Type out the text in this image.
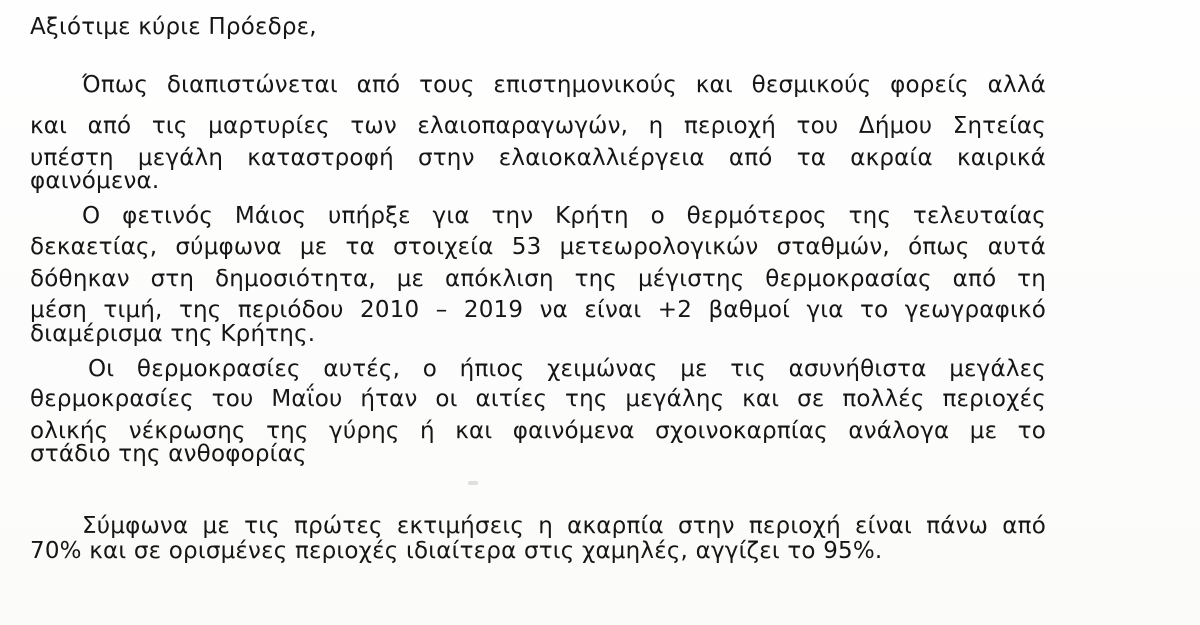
Αξιότιμε κύριε Πρόεδρε,
Όπως διαπιστώνεται από τους επιστημονικούς και θεσμικούς φορείς αλλά
και από τις μαρτυρίες των ελαιοπαραγωγών, η περιοχή του Δήμου Σητείας
υπέστη μεγάλη καταστροφή στην ελαιοκαλλιέργεια από τα ακραία καιρικά
φαινόμενα.
Ο φετινός Μάιος υπήρξε για την Κρήτη ο θερμότερος της τελευταίας
δεκαετίας, σύμφωνα με τα στοιχεία 53 μετεωρολογικών σταθμών, όπως αυτά
δόθηκαν στη δημοσιότητα, με απόκλιση της μέγιστης θερμοκρασίας από τη
μέση τιμή, της περιόδου 2010 – 2019 να είναι +2 βαθμοί για το γεωγραφικό
διαμέρισμα της Κρήτης.
Οι θερμοκρασίες αυτές, ο ήπιος χειμώνας με τις ασυνήθιστα μεγάλες
θερμοκρασίες του Μαΐου ήταν οι αιτίες της μεγάλης και σε πολλές περιοχές
ολικής νέκρωσης της γύρης ή και φαινόμενα σχοινοκαρπίας ανάλογα με το
στάδιο της ανθοφορίας
Σύμφωνα με τις πρώτες εκτιμήσεις η ακαρπία στην περιοχή είναι πάνω από
70% και σε ορισμένες περιοχές ιδιαίτερα στις χαμηλές, αγγίζει το 95%.
